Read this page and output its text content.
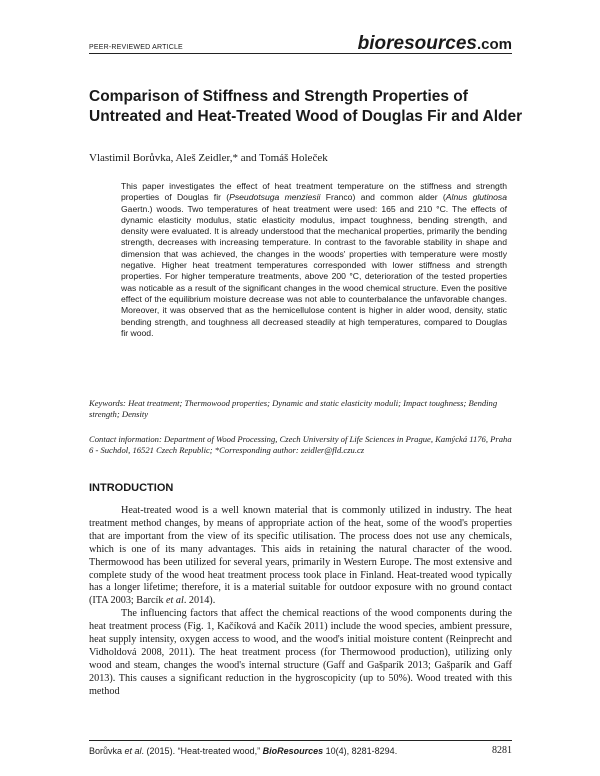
PEER-REVIEWED ARTICLE	bioresources.com
Comparison of Stiffness and Strength Properties of Untreated and Heat-Treated Wood of Douglas Fir and Alder
Vlastimil Borůvka, Aleš Zeidler,* and Tomáš Holeček
This paper investigates the effect of heat treatment temperature on the stiffness and strength properties of Douglas fir (Pseudotsuga menziesii Franco) and common alder (Alnus glutinosa Gaertn.) woods. Two temperatures of heat treatment were used: 165 and 210 °C. The effects of dynamic elasticity modulus, static elasticity modulus, impact toughness, bending strength, and density were evaluated. It is already understood that the mechanical properties, primarily the bending strength, decreases with increasing temperature. In contrast to the favorable stability in shape and dimension that was achieved, the changes in the woods' properties with temperature were mostly negative. Higher heat treatment temperatures corresponded with lower stiffness and strength properties. For higher temperature treatments, above 200 °C, deterioration of the tested properties was noticable as a result of the significant changes in the wood chemical structure. Even the positive effect of the equilibrium moisture decrease was not able to counterbalance the unfavorable changes. Moreover, it was observed that as the hemicellulose content is higher in alder wood, density, static bending strength, and toughness all decreased steadily at high temperatures, compared to Douglas fir wood.
Keywords: Heat treatment; Thermowood properties; Dynamic and static elasticity moduli; Impact toughness; Bending strength; Density
Contact information: Department of Wood Processing, Czech University of Life Sciences in Prague, Kamýcká 1176, Praha 6 - Suchdol, 16521 Czech Republic; *Corresponding author: zeidler@fld.czu.cz
INTRODUCTION

Heat-treated wood is a well known material that is commonly utilized in industry. The heat treatment method changes, by means of appropriate action of the heat, some of the wood's properties that are important from the view of its specific utilisation. The process does not use any chemicals, which is one of its many advantages. This aids in retaining the natural character of the wood. Thermowood has been utilized for several years, primarily in Western Europe. The most extensive and complete study of the wood heat treatment process took place in Finland. Heat-treated wood typically has a longer lifetime; therefore, it is a material suitable for outdoor exposure with no ground contact (ITA 2003; Barcík et al. 2014).

The influencing factors that affect the chemical reactions of the wood components during the heat treatment process (Fig. 1, Kačíková and Kačík 2011) include the wood species, ambient pressure, heat supply intensity, oxygen access to wood, and the wood's initial moisture content (Reinprecht and Vidholdová 2008, 2011). The heat treatment process (for Thermowood production), utilizing only wood and steam, changes the wood's internal structure (Gaff and Gašparík 2013; Gašparík and Gaff 2013). This causes a significant reduction in the hygroscopicity (up to 50%). Wood treated with this method

Borůvka et al. (2015). “Heat-treated wood,” BioResources 10(4), 8281-8294.	8281
